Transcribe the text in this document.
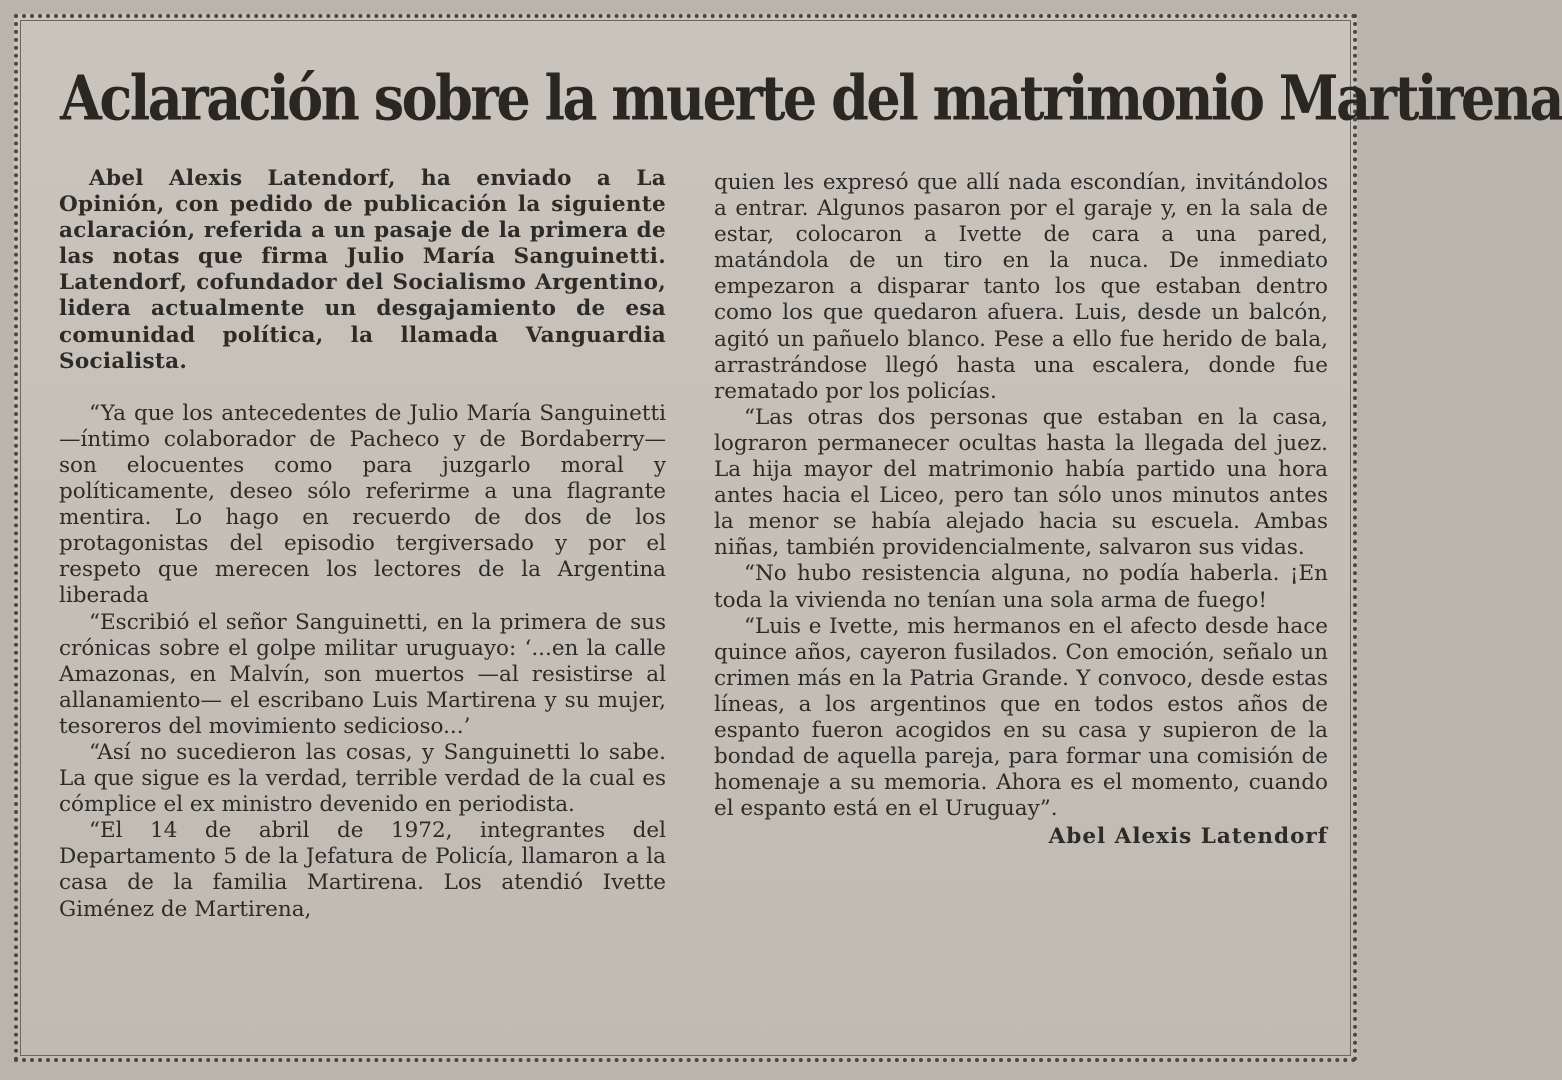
Aclaración sobre la muerte del matrimonio Martirena

Abel Alexis Latendorf, ha enviado a La Opinión, con pedido de publicación la siguiente aclaración, referida a un pasaje de la primera de las notas que firma Julio María Sanguinetti. Latendorf, cofundador del Socialismo Argentino, lidera actualmente un desgajamiento de esa comunidad política, la llamada Vanguardia Socialista.

“Ya que los antecedentes de Julio María Sanguinetti —íntimo colaborador de Pacheco y de Bordaberry— son elocuentes como para juzgarlo moral y políticamente, deseo sólo referirme a una flagrante mentira. Lo hago en recuerdo de dos de los protagonistas del episodio tergiversado y por el respeto que merecen los lectores de la Argentina liberada

“Escribió el señor Sanguinetti, en la primera de sus crónicas sobre el golpe militar uruguayo: ‘...en la calle Amazonas, en Malvín, son muertos —al resistirse al allanamiento— el escribano Luis Martirena y su mujer, tesoreros del movimiento sedicioso...’

“Así no sucedieron las cosas, y Sanguinetti lo sabe. La que sigue es la verdad, terrible verdad de la cual es cómplice el ex ministro devenido en periodista.

“El 14 de abril de 1972, integrantes del Departamento 5 de la Jefatura de Policía, llamaron a la casa de la familia Martirena. Los atendió Ivette Giménez de Martirena,

quien les expresó que allí nada escondían, invitándolos a entrar. Algunos pasaron por el garaje y, en la sala de estar, colocaron a Ivette de cara a una pared, matándola de un tiro en la nuca. De inmediato empezaron a disparar tanto los que estaban dentro como los que quedaron afuera. Luis, desde un balcón, agitó un pañuelo blanco. Pese a ello fue herido de bala, arrastrándose llegó hasta una escalera, donde fue rematado por los policías.

“Las otras dos personas que estaban en la casa, lograron permanecer ocultas hasta la llegada del juez. La hija mayor del matrimonio había partido una hora antes hacia el Liceo, pero tan sólo unos minutos antes la menor se había alejado hacia su escuela. Ambas niñas, también providencialmente, salvaron sus vidas.

“No hubo resistencia alguna, no podía haberla. ¡En toda la vivienda no tenían una sola arma de fuego!

“Luis e Ivette, mis hermanos en el afecto desde hace quince años, cayeron fusilados. Con emoción, señalo un crimen más en la Patria Grande. Y convoco, desde estas líneas, a los argentinos que en todos estos años de espanto fueron acogidos en su casa y supieron de la bondad de aquella pareja, para formar una comisión de homenaje a su memoria. Ahora es el momento, cuando el espanto está en el Uruguay”.

Abel Alexis Latendorf
